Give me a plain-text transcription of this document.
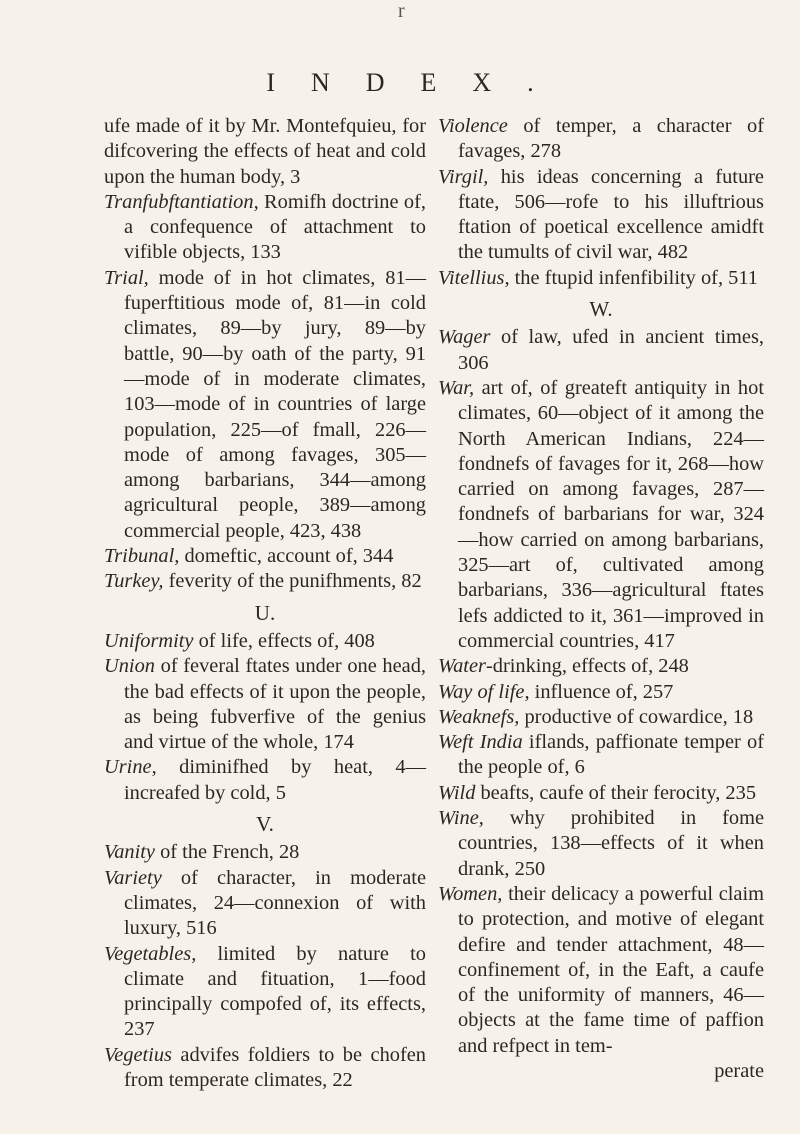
r
INDEX.

ufe made of it by Mr. Montefquieu, for difcovering the effects of heat and cold upon the human body, 3

Tranfubftantiation, Romifh doctrine of, a confequence of attachment to vifible objects, 133

Trial, mode of in hot climates, 81—fuperftitious mode of, 81—in cold climates, 89—by jury, 89—by battle, 90—by oath of the party, 91—mode of in moderate climates, 103—mode of in countries of large population, 225—of fmall, 226—mode of among favages, 305—among barbarians, 344—among agricultural people, 389—among commercial people, 423, 438

Tribunal, domeftic, account of, 344

Turkey, feverity of the punifhments, 82

U.

Uniformity of life, effects of, 408

Union of feveral ftates under one head, the bad effects of it upon the people, as being fubverfive of the genius and virtue of the whole, 174

Urine, diminifhed by heat, 4—increafed by cold, 5

V.

Vanity of the French, 28

Variety of character, in moderate climates, 24—connexion of with luxury, 516

Vegetables, limited by nature to climate and fituation, 1—food principally compofed of, its effects, 237

Vegetius advifes foldiers to be chofen from temperate climates, 22

Violence of temper, a character of favages, 278

Virgil, his ideas concerning a future ftate, 506—rofe to his illuftrious ftation of poetical excellence amidft the tumults of civil war, 482

Vitellius, the ftupid infenfibility of, 511

W.

Wager of law, ufed in ancient times, 306

War, art of, of greateft antiquity in hot climates, 60—object of it among the North American Indians, 224—fondnefs of favages for it, 268—how carried on among favages, 287—fondnefs of barbarians for war, 324—how carried on among barbarians, 325—art of, cultivated among barbarians, 336—agricultural ftates lefs addicted to it, 361—improved in commercial countries, 417

Water-drinking, effects of, 248

Way of life, influence of, 257

Weaknefs, productive of cowardice, 18

Weft India iflands, paffionate temper of the people of, 6

Wild beafts, caufe of their ferocity, 235

Wine, why prohibited in fome countries, 138—effects of it when drank, 250

Women, their delicacy a powerful claim to protection, and motive of elegant defire and tender attachment, 48—confinement of, in the Eaft, a caufe of the uniformity of manners, 46—objects at the fame time of paffion and refpect in tem-

perate
